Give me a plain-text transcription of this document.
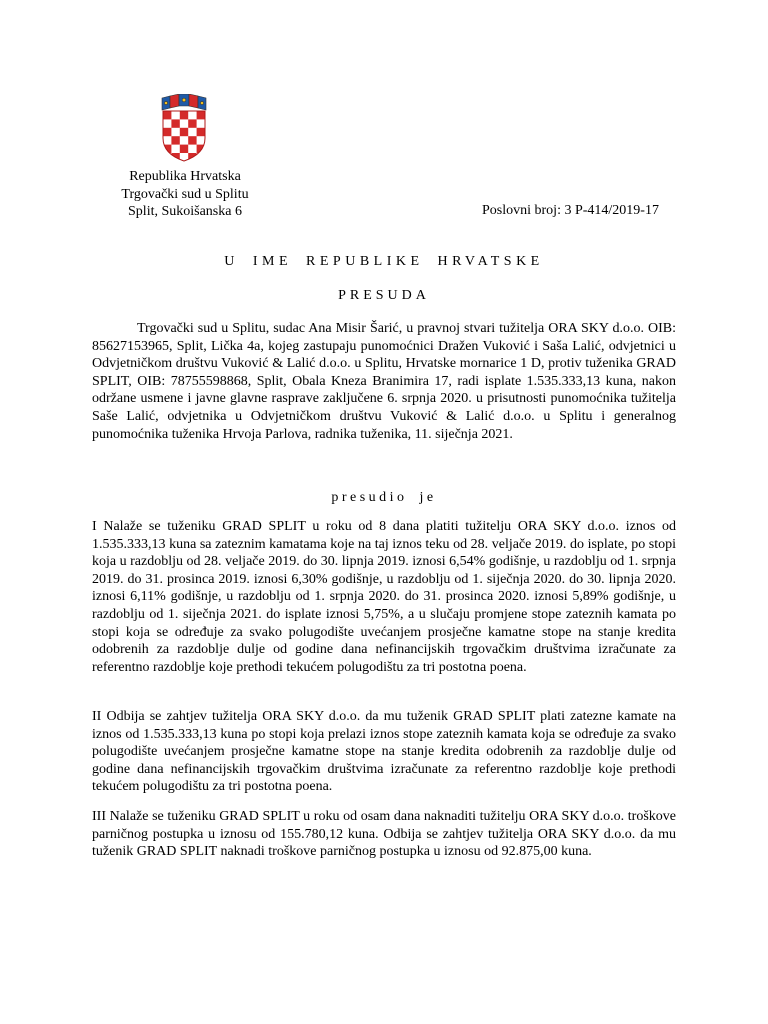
Republika Hrvatska
Trgovački sud u Splitu
Split, Sukoišanska 6	Poslovni broj: 3 P-414/2019-17
U IME REPUBLIKE HRVATSKE
PRESUDA
Trgovački sud u Splitu, sudac Ana Misir Šarić, u pravnoj stvari tužitelja ORA SKY d.o.o. OIB: 85627153965, Split, Lička 4a, kojeg zastupaju punomoćnici Dražen Vuković i Saša Lalić, odvjetnici u Odvjetničkom društvu Vuković & Lalić d.o.o. u Splitu, Hrvatske mornarice 1 D, protiv tuženika GRAD SPLIT, OIB: 78755598868, Split, Obala Kneza Branimira 17, radi isplate 1.535.333,13 kuna, nakon održane usmene i javne glavne rasprave zaključene 6. srpnja 2020. u prisutnosti punomoćnika tužitelja Saše Lalić, odvjetnika u Odvjetničkom društvu Vuković & Lalić d.o.o. u Splitu i generalnog punomoćnika tuženika Hrvoja Parlova, radnika tuženika, 11. siječnja 2021.
presudio je
I Nalaže se tuženiku GRAD SPLIT u roku od 8 dana platiti tužitelju ORA SKY d.o.o. iznos od 1.535.333,13 kuna sa zateznim kamatama koje na taj iznos teku od 28. veljače 2019. do isplate, po stopi koja u razdoblju od 28. veljače 2019. do 30. lipnja 2019. iznosi 6,54% godišnje, u razdoblju od 1. srpnja 2019. do 31. prosinca 2019. iznosi 6,30% godišnje, u razdoblju od 1. siječnja 2020. do 30. lipnja 2020. iznosi 6,11% godišnje, u razdoblju od 1. srpnja 2020. do 31. prosinca 2020. iznosi 5,89% godišnje, u razdoblju od 1. siječnja 2021. do isplate iznosi 5,75%, a u slučaju promjene stope zateznih kamata po stopi koja se određuje za svako polugodište uvećanjem prosječne kamatne stope na stanje kredita odobrenih za razdoblje dulje od godine dana nefinancijskih trgovačkim društvima izračunate za referentno razdoblje koje prethodi tekućem polugodištu za tri postotna poena.
II Odbija se zahtjev tužitelja ORA SKY d.o.o. da mu tuženik GRAD SPLIT plati zatezne kamate na iznos od 1.535.333,13 kuna po stopi koja prelazi iznos stope zateznih kamata koja se određuje za svako polugodište uvećanjem prosječne kamatne stope na stanje kredita odobrenih za razdoblje dulje od godine dana nefinancijskih trgovačkim društvima izračunate za referentno razdoblje koje prethodi tekućem polugodištu za tri postotna poena.
III Nalaže se tuženiku GRAD SPLIT u roku od osam dana naknaditi tužitelju ORA SKY d.o.o. troškove parničnog postupka u iznosu od 155.780,12 kuna. Odbija se zahtjev tužitelja ORA SKY d.o.o. da mu tuženik GRAD SPLIT naknadi troškove parničnog postupka u iznosu od 92.875,00 kuna.
